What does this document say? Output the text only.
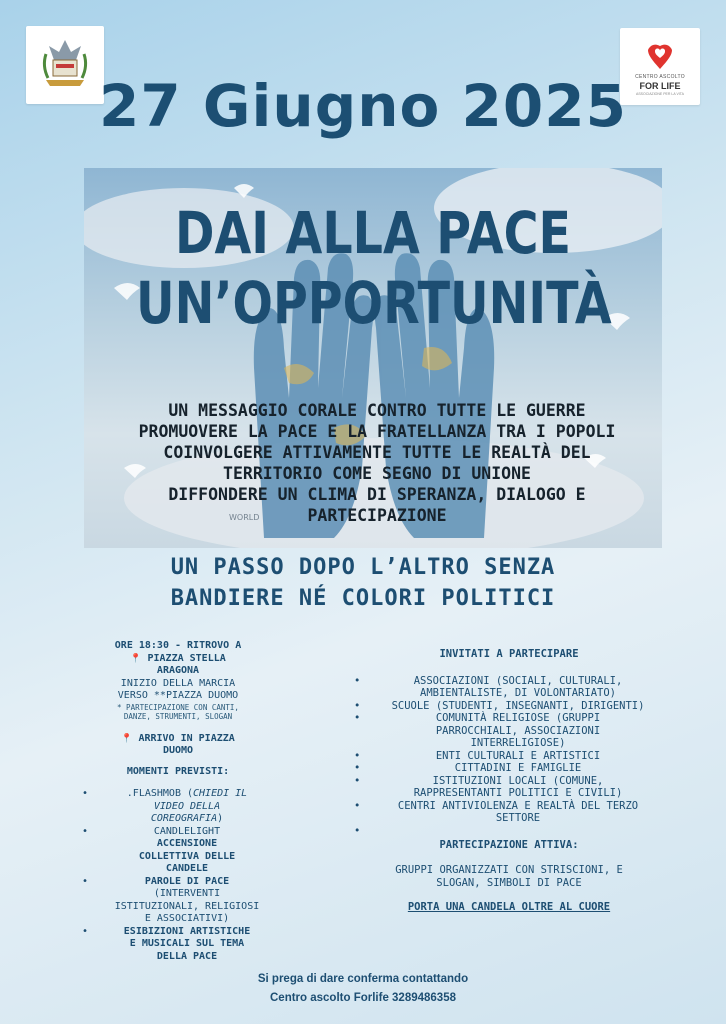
CENTRO ASCOLTO
FOR LIFE
ASSOCIAZIONE PER LA VITA
27 Giugno 2025
WORLD
DAI ALLA PACE
UN’OPPORTUNITÀ
UN MESSAGGIO CORALE CONTRO TUTTE LE GUERRE
PROMUOVERE LA PACE E LA FRATELLANZA TRA I POPOLI
COINVOLGERE ATTIVAMENTE TUTTE LE REALTÀ DEL
TERRITORIO COME SEGNO DI UNIONE
DIFFONDERE UN CLIMA DI SPERANZA, DIALOGO E
PARTECIPAZIONE
UN PASSO DOPO L’ALTRO SENZA
BANDIERE NÉ COLORI POLITICI
ORE 18:30 - RITROVO A
📍 PIAZZA STELLA
ARAGONA
INIZIO DELLA MARCIA
VERSO **PIAZZA DUOMO
* PARTECIPAZIONE CON CANTI,
DANZE, STRUMENTI, SLOGAN
📍 ARRIVO IN PIAZZA
DUOMO
MOMENTI PREVISTI:
• .FLASHMOB (CHIEDI IL
VIDEO DELLA
COREOGRAFIA)
• CANDLELIGHT
ACCENSIONE
COLLETTIVA DELLE
CANDELE
• PAROLE DI PACE
(INTERVENTI
ISTITUZIONALI, RELIGIOSI
E ASSOCIATIVI)
• ESIBIZIONI ARTISTICHE
E MUSICALI SUL TEMA
DELLA PACE
INVITATI A PARTECIPARE
• ASSOCIAZIONI (SOCIALI, CULTURALI,
AMBIENTALISTE, DI VOLONTARIATO)
• SCUOLE (STUDENTI, INSEGNANTI, DIRIGENTI)
• COMUNITÀ RELIGIOSE (GRUPPI
PARROCCHIALI, ASSOCIAZIONI
INTERRELIGIOSE)
• ENTI CULTURALI E ARTISTICI
• CITTADINI E FAMIGLIE
• ISTITUZIONI LOCALI (COMUNE,
RAPPRESENTANTI POLITICI E CIVILI)
• CENTRI ANTIVIOLENZA E REALTÀ DEL TERZO
SETTORE
PARTECIPAZIONE ATTIVA:
GRUPPI ORGANIZZATI CON STRISCIONI, E
SLOGAN, SIMBOLI DI PACE
PORTA UNA CANDELA OLTRE AL CUORE
Si prega di dare conferma contattando
Centro ascolto Forlife 3289486358
